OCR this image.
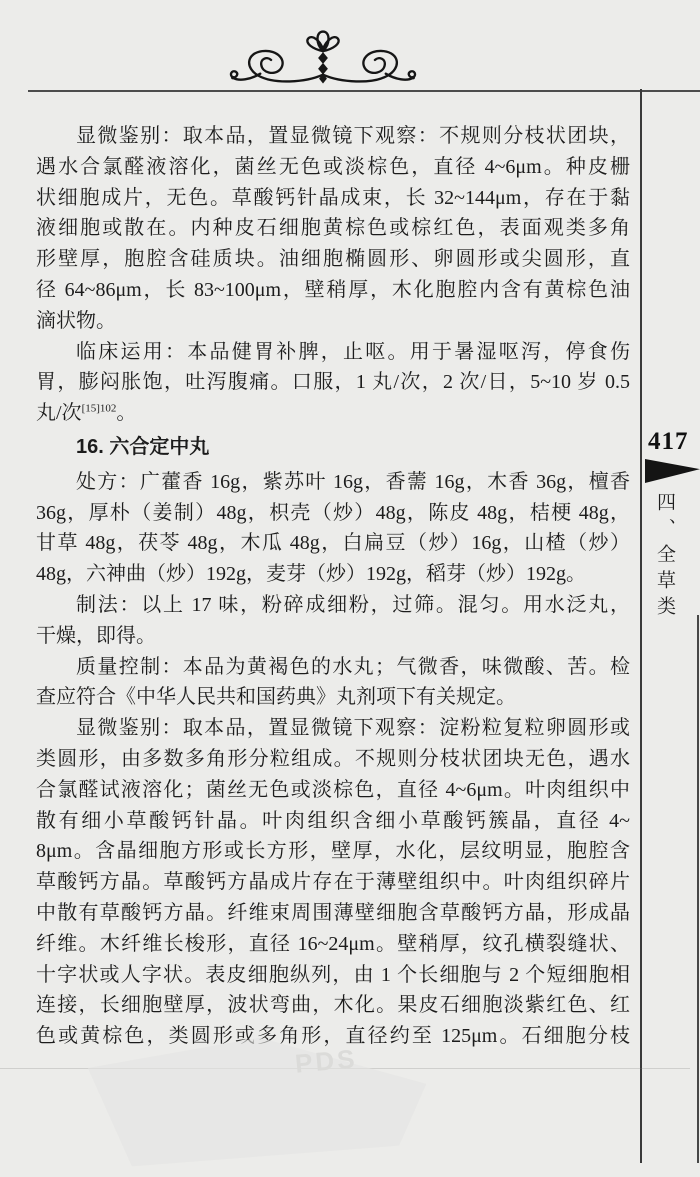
417
四、全草类
显微鉴别：取本品，置显微镜下观察：不规则分枝状团块，
遇水合氯醛液溶化，菌丝无色或淡棕色，直径 4~6μm。种皮栅
状细胞成片，无色。草酸钙针晶成束，长 32~144μm，存在于黏
液细胞或散在。内种皮石细胞黄棕色或棕红色，表面观类多角
形壁厚，胞腔含硅质块。油细胞椭圆形、卵圆形或尖圆形，直
径 64~86μm，长 83~100μm，壁稍厚，木化胞腔内含有黄棕色油
滴状物。
临床运用：本品健胃补脾，止呕。用于暑湿呕泻，停食伤
胃，膨闷胀饱，吐泻腹痛。口服，1 丸/次，2 次/日，5~10 岁 0.5
丸/次$^{[15]102}$。
16. 六合定中丸
处方：广藿香 16g，紫苏叶 16g，香薷 16g，木香 36g，檀香
36g，厚朴（姜制）48g，枳壳（炒）48g，陈皮 48g，桔梗 48g，
甘草 48g，茯苓 48g，木瓜 48g，白扁豆（炒）16g，山楂（炒）
48g，六神曲（炒）192g，麦芽（炒）192g，稻芽（炒）192g。
制法：以上 17 味，粉碎成细粉，过筛。混匀。用水泛丸，
干燥，即得。
质量控制：本品为黄褐色的水丸；气微香，味微酸、苦。检
查应符合《中华人民共和国药典》丸剂项下有关规定。
显微鉴别：取本品，置显微镜下观察：淀粉粒复粒卵圆形或
类圆形，由多数多角形分粒组成。不规则分枝状团块无色，遇水
合氯醛试液溶化；菌丝无色或淡棕色，直径 4~6μm。叶肉组织中
散有细小草酸钙针晶。叶肉组织含细小草酸钙簇晶，直径 4~
8μm。含晶细胞方形或长方形，壁厚，水化，层纹明显，胞腔含
草酸钙方晶。草酸钙方晶成片存在于薄壁组织中。叶肉组织碎片
中散有草酸钙方晶。纤维束周围薄壁细胞含草酸钙方晶，形成晶
纤维。木纤维长梭形，直径 16~24μm。壁稍厚，纹孔横裂缝状、
十字状或人字状。表皮细胞纵列，由 1 个长细胞与 2 个短细胞相
连接，长细胞壁厚，波状弯曲，木化。果皮石细胞淡紫红色、红
色或黄棕色，类圆形或多角形，直径约至 125μm。石细胞分枝
PDS
